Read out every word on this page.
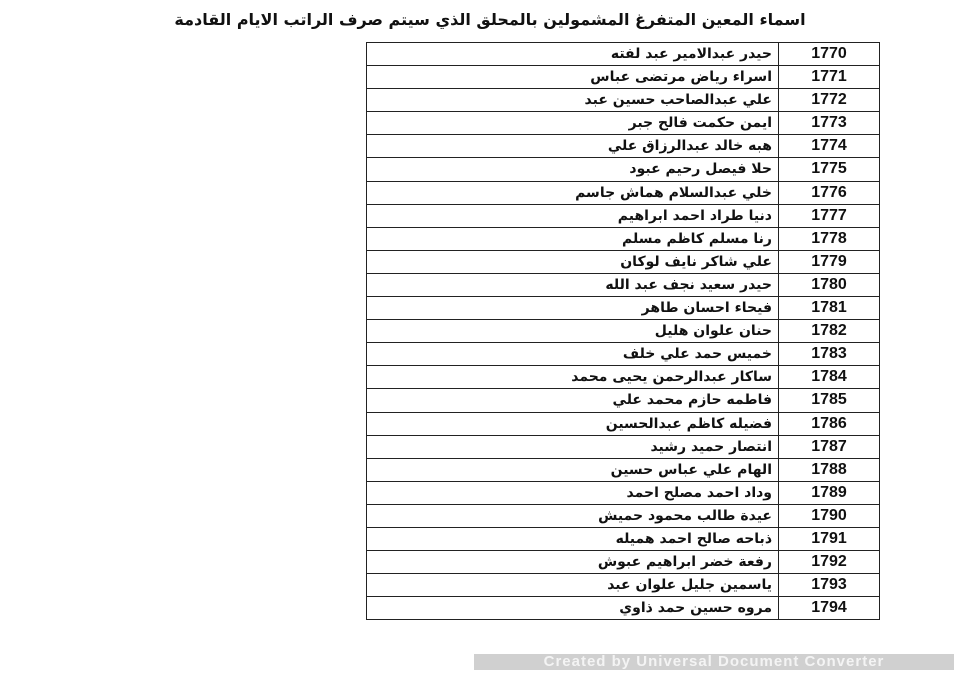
اسماء المعين المتفرغ المشمولين بالمحلق الذي سيتم صرف الراتب الايام القادمة
حيدر عبدالامير عبد لفته	1770
اسراء رياض مرتضى عباس	1771
علي عبدالصاحب حسين عبد	1772
ايمن حكمت فالح جبر	1773
هبه خالد عبدالرزاق علي	1774
حلا فيصل رحيم عبود	1775
خلي عبدالسلام هماش جاسم	1776
دنيا طراد احمد ابراهيم	1777
رنا مسلم كاظم مسلم	1778
علي شاكر نايف لوكان	1779
حيدر سعيد نجف عبد الله	1780
فيحاء احسان طاهر	1781
حنان علوان هليل	1782
خميس حمد علي خلف	1783
ساكار عبدالرحمن يحيى محمد	1784
فاطمه حازم محمد علي	1785
فضيله كاظم عبدالحسين	1786
انتصار حميد رشيد	1787
الهام علي عباس حسين	1788
وداد احمد مصلح احمد	1789
عيدة طالب محمود حميش	1790
ذباحه صالح احمد هميله	1791
رفعة خضر ابراهيم عبوش	1792
ياسمين جليل علوان عبد	1793
مروه حسين حمد ذاوي	1794
Created by Universal Document Converter
